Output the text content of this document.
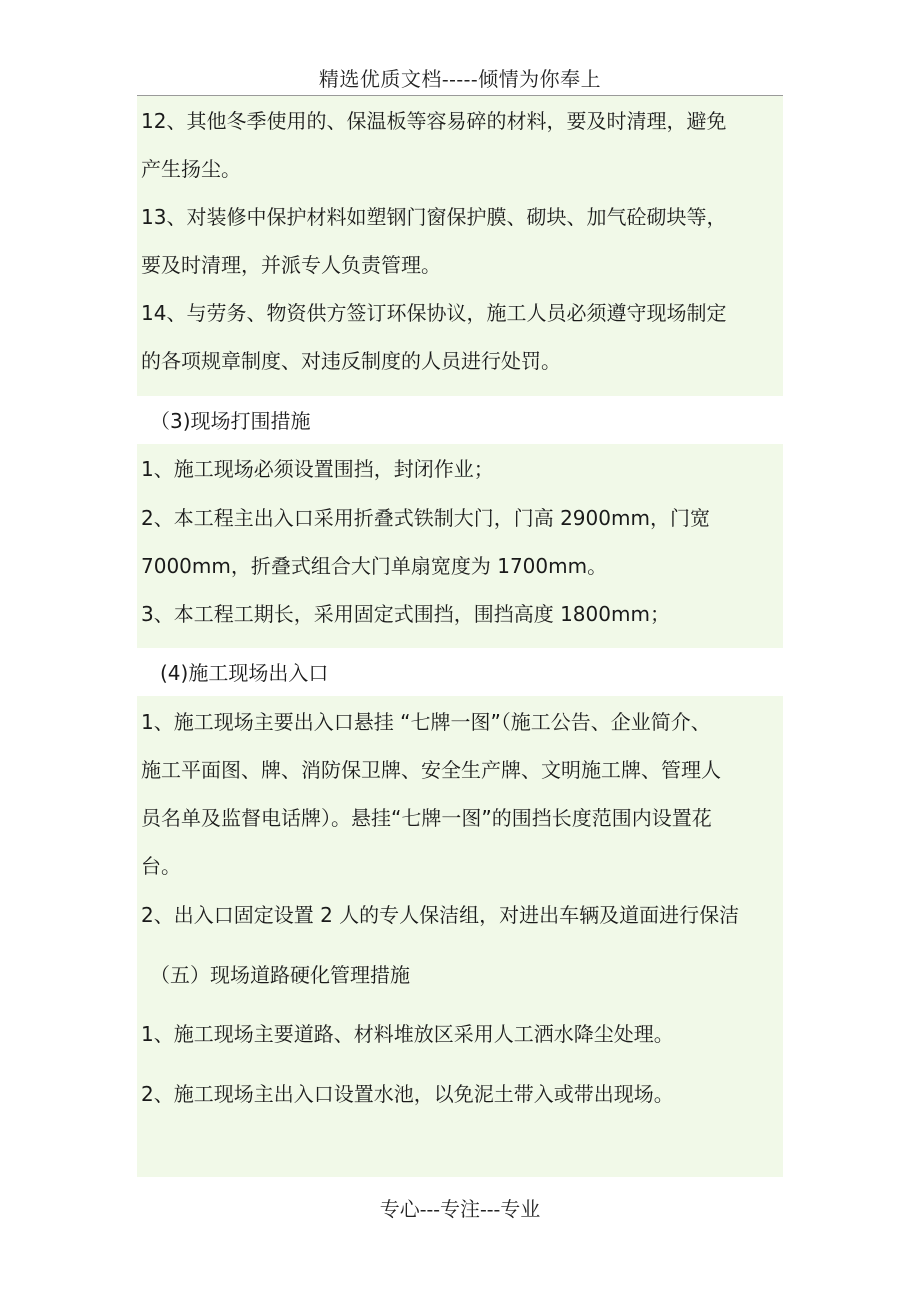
精选优质文档-----倾情为你奉上
12、其他冬季使用的、保温板等容易碎的材料，要及时清理，避免
产生扬尘。
13、对装修中保护材料如塑钢门窗保护膜、砌块、加气砼砌块等，
要及时清理，并派专人负责管理。
14、与劳务、物资供方签订环保协议，施工人员必须遵守现场制定
的各项规章制度、对违反制度的人员进行处罚。
（3)现场打围措施
1、施工现场必须设置围挡，封闭作业；
2、本工程主出入口采用折叠式铁制大门，门高 2900mm，门宽
7000mm，折叠式组合大门单扇宽度为 1700mm。
3、本工程工期长，采用固定式围挡，围挡高度 1800mm；
(4)施工现场出入口
1、施工现场主要出入口悬挂 “七牌一图”（施工公告、企业简介、
施工平面图、牌、消防保卫牌、安全生产牌、文明施工牌、管理人
员名单及监督电话牌）。悬挂“七牌一图”的围挡长度范围内设置花
台。
2、出入口固定设置 2 人的专人保洁组，对进出车辆及道面进行保洁
（五）现场道路硬化管理措施
1、施工现场主要道路、材料堆放区采用人工洒水降尘处理。
2、施工现场主出入口设置水池，以免泥土带入或带出现场。
专心---专注---专业
